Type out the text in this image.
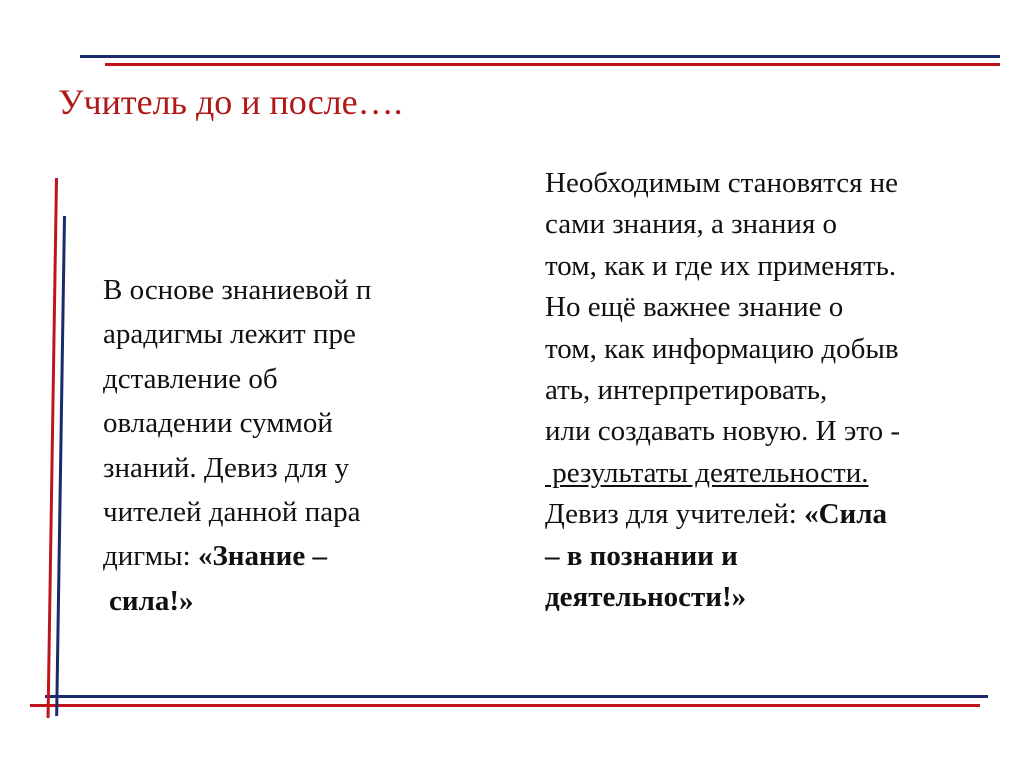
Учитель до и после….
В основе знаниевой п
арадигмы лежит пре
дставление об
овладении суммой
знаний. Девиз для у
чителей данной пара
дигмы: «Знание –
сила!»
Необходимым становятся не
сами знания, а знания о
том, как и где их применять.
Но ещё важнее знание о
том, как информацию добыв
ать, интерпретировать,
или создавать новую. И это -
результаты деятельности.
Девиз для учителей: «Сила
– в познании и
деятельности!»
